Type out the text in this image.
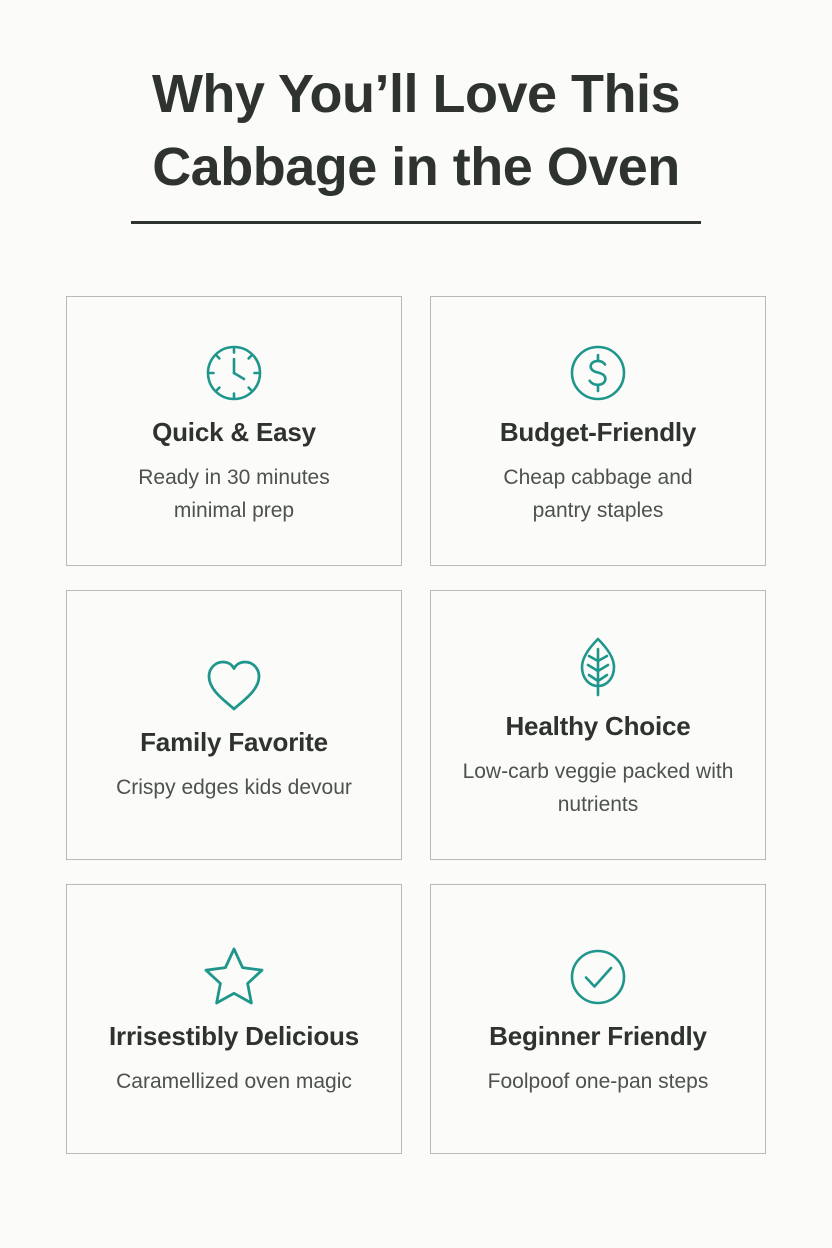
Why You’ll Love This Cabbage in the Oven
Quick & Easy
Ready in 30 minutes minimal prep
Budget-Friendly
Cheap cabbage and pantry staples
Family Favorite
Crispy edges kids devour
Healthy Choice
Low-carb veggie packed with nutrients
Irrisestibly Delicious
Caramellized oven magic
Beginner Friendly
Foolpoof one-pan steps
